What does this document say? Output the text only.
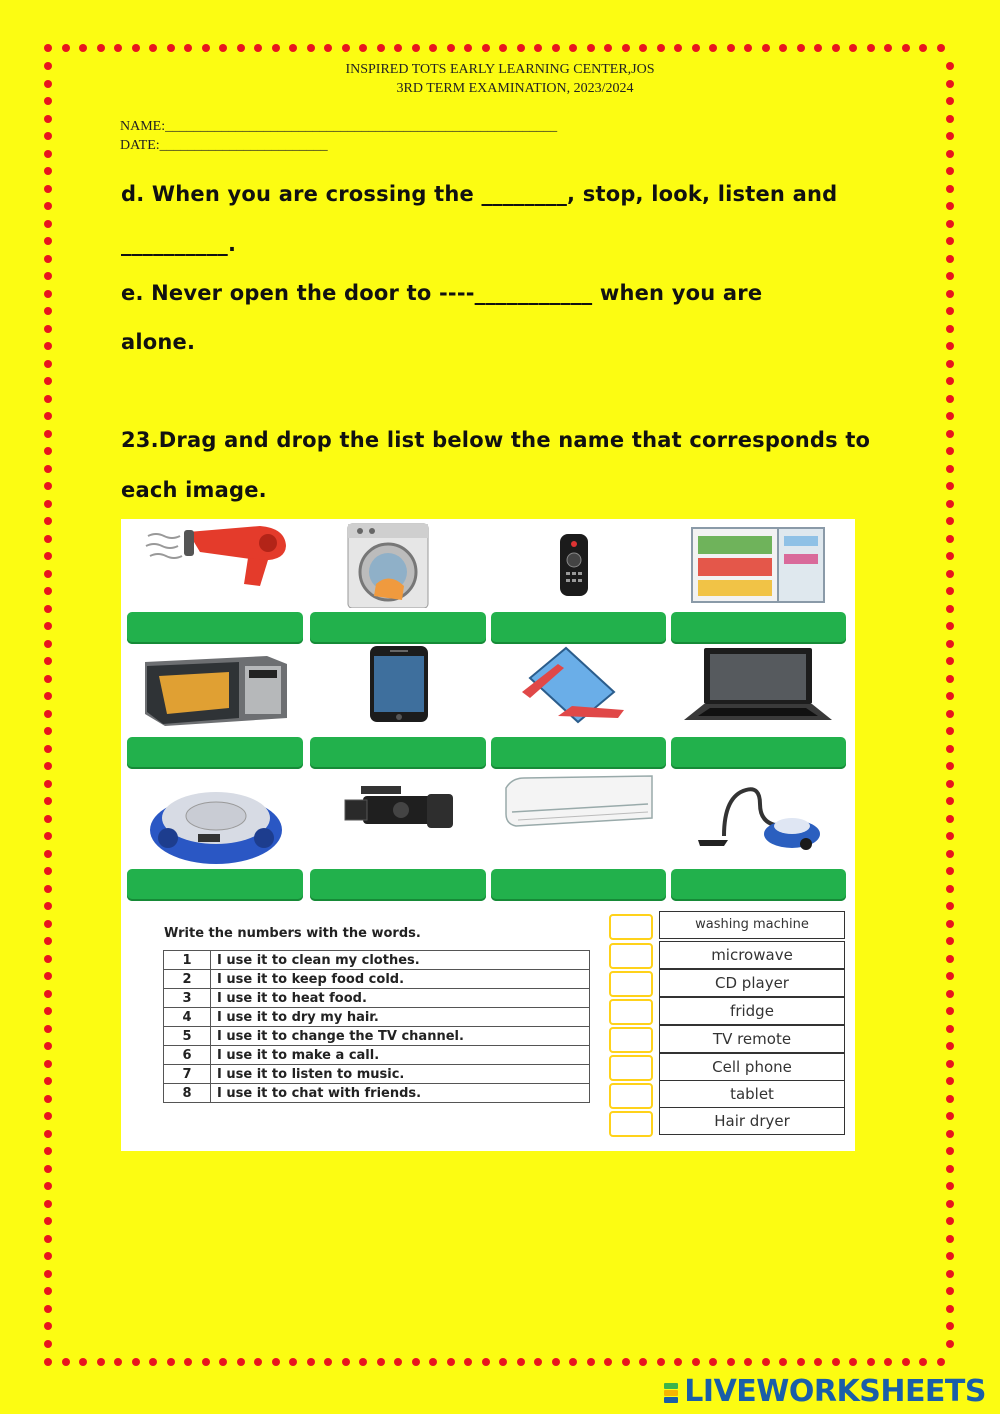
INSPIRED TOTS EARLY LEARNING CENTER,JOS
3RD TERM EXAMINATION, 2023/2024
NAME:________________________________________________________
DATE:________________________
d. When you are crossing the ________, stop, look, listen and
__________.
e. Never open the door to ----___________ when you are
alone.
23.Drag and drop the list below the name that corresponds to
each image.
Write the numbers with the words.
1	I use it to clean my clothes.
2	I use it to keep food cold.
3	I use it to heat food.
4	I use it to dry my hair.
5	I use it to change the TV channel.
6	I use it to make a call.
7	I use it to listen to music.
8	I use it to chat with friends.
washing machine
microwave
CD player
fridge
TV remote
Cell phone
tablet
Hair dryer
LIVEWORKSHEETS
